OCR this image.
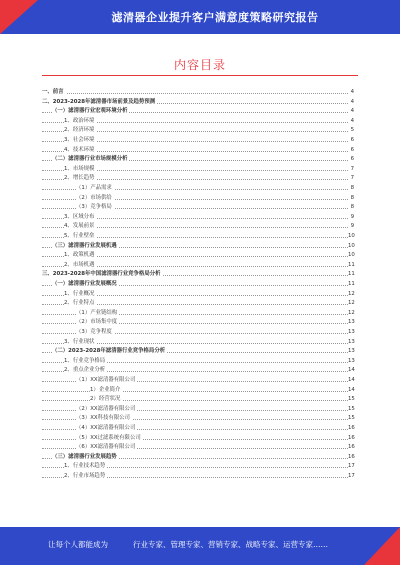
滤清器企业提升客户满意度策略研究报告
内容目录
一、前言	4
二、2023-2028年滤清器市场前景及趋势预测	4
（一）滤清器行业宏观环境分析	4
1、政治环境	4
2、经济环境	5
3、社会环境	6
4、技术环境	6
（二）滤清器行业市场规模分析	6
1、市场规模	7
2、增长趋势	7
（1）产品需求	8
（2）市场供给	8
（3）竞争格局	8
3、区域分布	9
4、发展前景	9
5、行业壁垒	10
（三）滤清器行业发展机遇	10
1、政策机遇	10
2、市场机遇	11
三、2023-2028年中国滤清器行业竞争格局分析	11
（一）滤清器行业发展概况	11
1、行业概况	12
2、行业特点	12
（1）产业链结构	12
（2）市场集中度	13
（3）竞争程度	13
3、行业现状	13
（二）2023-2028年滤清器行业竞争格局分析	13
1、行业竞争格局	13
2、重点企业分析	14
（1）XX滤清器有限公司	14
1）企业简介	14
2）经营状况	15
（2）XX滤清器有限公司	15
（3）XX科技有限公司	15
（4）XX滤清器有限公司	16
（5）XX过滤系统有限公司	16
（6）XX滤清器有限公司	16
（三）滤清器行业发展趋势	16
1、行业技术趋势	17
2、行业市场趋势	17
让每个人都能成为	行业专家、管理专家、营销专家、战略专家、运营专家……
